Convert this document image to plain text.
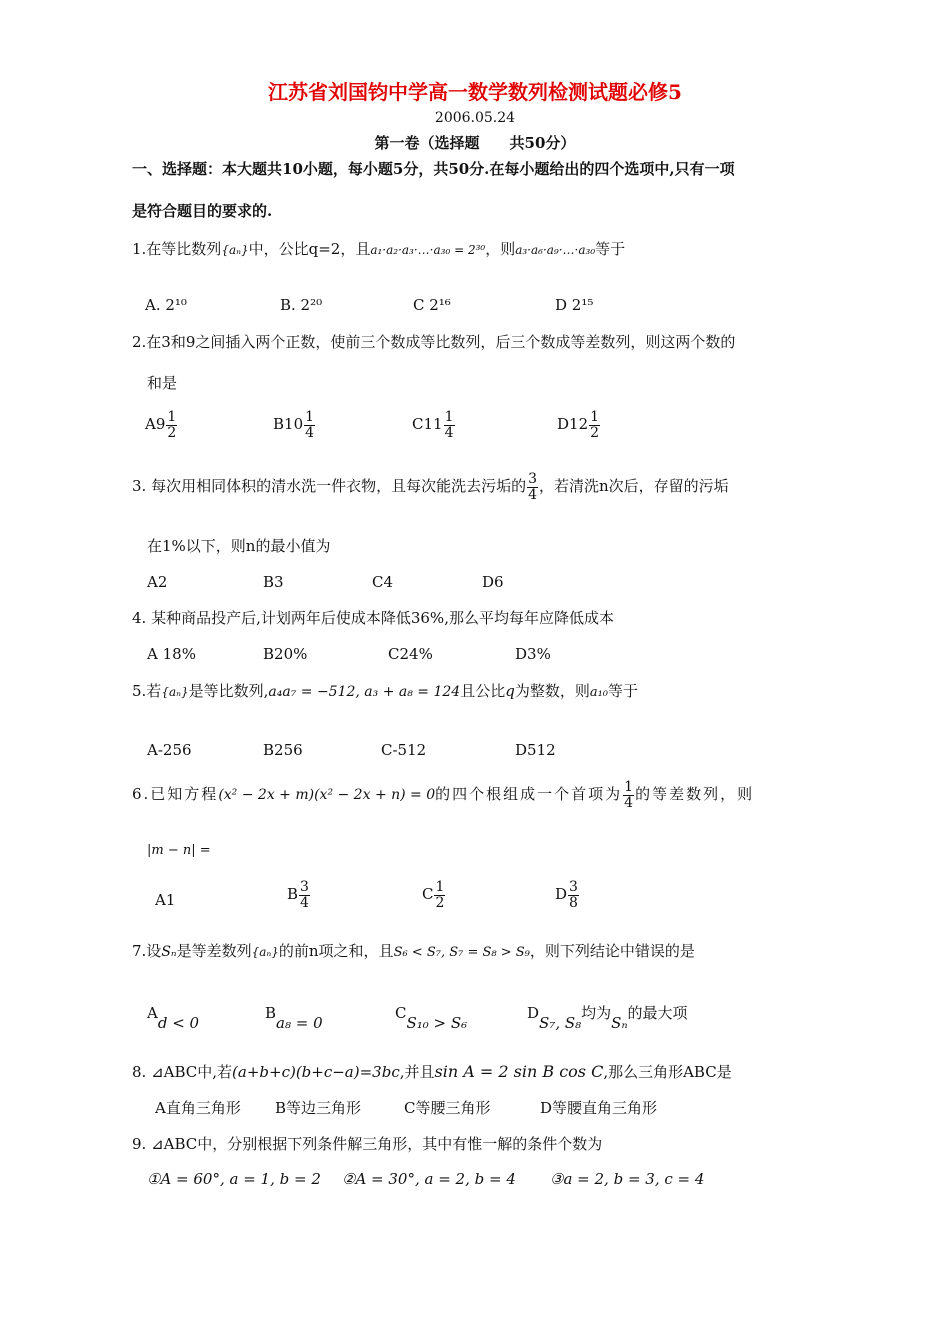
江苏省刘国钧中学高一数学数列检测试题必修5
2006.05.24
第一卷（选择题　　共50分）
一、选择题：本大题共10小题，每小题5分，共50分.在每小题给出的四个选项中,只有一项
是符合题目的要求的.
1.在等比数列{aₙ}中，公比q=2，且a₁·a₂·a₃·…·a₃₀ = 2³⁰，则a₃·a₆·a₉·…·a₃₀等于
A. 2¹⁰	B. 2²⁰	C 2¹⁶	D 2¹⁵
2.在3和9之间插入两个正数，使前三个数成等比数列，后三个数成等差数列，则这两个数的
和是
$A9 \frac{1}{2}$	$B10 \frac{1}{4}$	$C11 \frac{1}{4}$	$D12 \frac{1}{2}$
3. 每次用相同体积的清水洗一件衣物，且每次能洗去污垢的 $\frac{3}{4}$ ，若清洗n次后，存留的污垢
在1%以下，则n的最小值为
A2	B3	C4	D6
4. 某种商品投产后,计划两年后使成本降低36%,那么平均每年应降低成本
A 18%	B20%	C24%	D3%
5.若{aₙ}是等比数列,a₄a₇ = −512, a₃ + a₈ = 124且公比q为整数，则a₁₀等于
A-256	B256	C-512	D512
6.已知方程(x² − 2x + m)(x² − 2x + n) = 0的四个根组成一个首项为 $\frac{1}{4}$ 的等差数列，则
|m − n| =
A1	B $\frac{3}{4}$	C $\frac{1}{2}$	D $\frac{3}{8}$
7.设Sₙ是等差数列{aₙ}的前n项之和，且S₆ < S₇, S₇ = S₈ > S₉，则下列结论中错误的是
Ad < 0
Ba₈ = 0
CS₁₀ > S₆
DS₇, S₈均为Sₙ的最大项
8. ⊿ABC中,若(a+b+c)(b+c−a)=3bc,并且sin A = 2 sin B cos C,那么三角形ABC是
A直角三角形 B等边三角形	C等腰三角形	D等腰直角三角形
9. ⊿ABC中，分别根据下列条件解三角形，其中有惟一解的条件个数为
①A = 60°, a = 1, b = 2 ②A = 30°, a = 2, b = 4 ③a = 2, b = 3, c = 4
